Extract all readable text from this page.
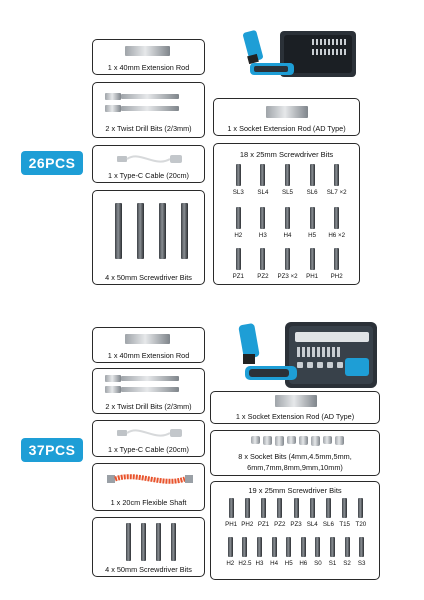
26PCS
1 x 40mm Extension Rod
2 x Twist Drill Bits (2/3mm)	1 x Socket Extension Rod (AD Type)
1 x Type-C Cable (20cm)
4 x 50mm Screwdriver Bits
18 x 25mm Screwdriver Bits
SL3 SL4 SL5 SL6 SL7 ×2
H2	H3	H4	H5 H6 ×2
PZ1 PZ2 PZ3 ×2 PH1 PH2
37PCS
1 x 40mm Extension Rod
2 x Twist Drill Bits (2/3mm)
1 x Socket Extension Rod (AD Type)
1 x Type-C Cable (20cm)
8 x Socket Bits (4mm,4.5mm,5mm,
6mm,7mm,8mm,9mm,10mm)
1 x 20cm Flexible Shaft
4 x 50mm Screwdriver Bits
19 x 25mm Screwdriver Bits
PH1 PH2 PZ1 PZ2 PZ3 SL4 SL6 T15 T20
H2 H2.5 H3 H4 H5 H6 S0 S1 S2 S3
